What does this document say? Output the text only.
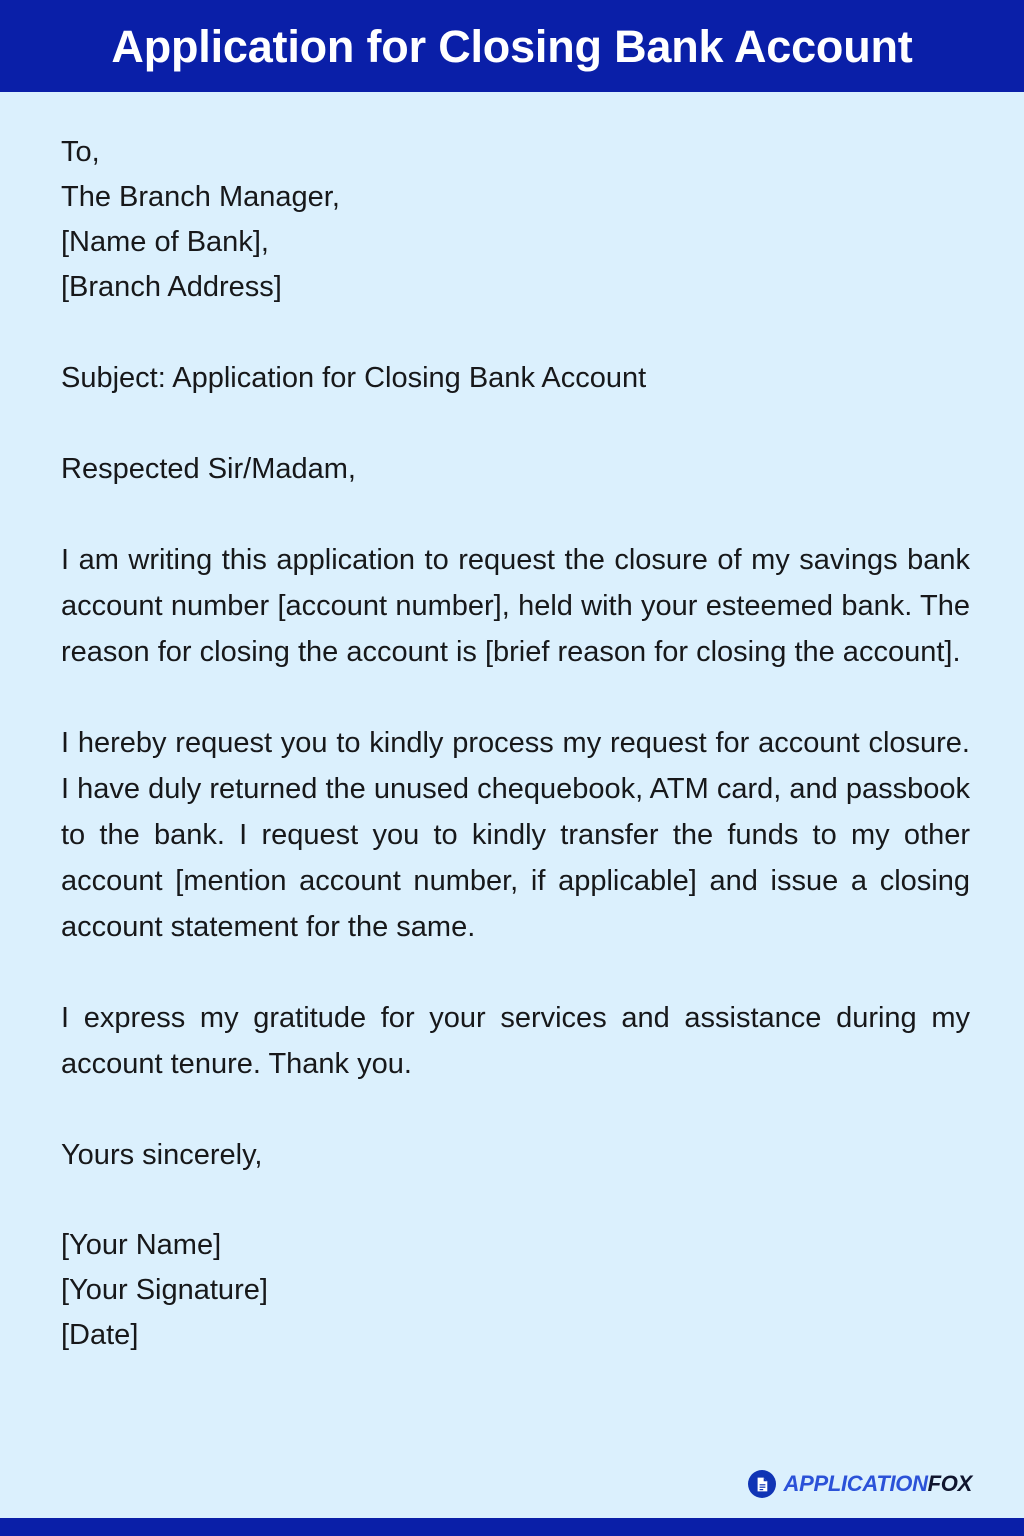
Application for Closing Bank Account
To,
The Branch Manager,
[Name of Bank],
[Branch Address]

Subject: Application for Closing Bank Account

Respected Sir/Madam,

I am writing this application to request the closure of my savings bank account number [account number], held with your esteemed bank. The reason for closing the account is [brief reason for closing the account].

I hereby request you to kindly process my request for account closure. I have duly returned the unused chequebook, ATM card, and passbook to the bank. I request you to kindly transfer the funds to my other account [mention account number, if applicable] and issue a closing account statement for the same.

I express my gratitude for your services and assistance during my account tenure. Thank you.

Yours sincerely,

[Your Name]
[Your Signature]
[Date]
APPLICATIONFOX
